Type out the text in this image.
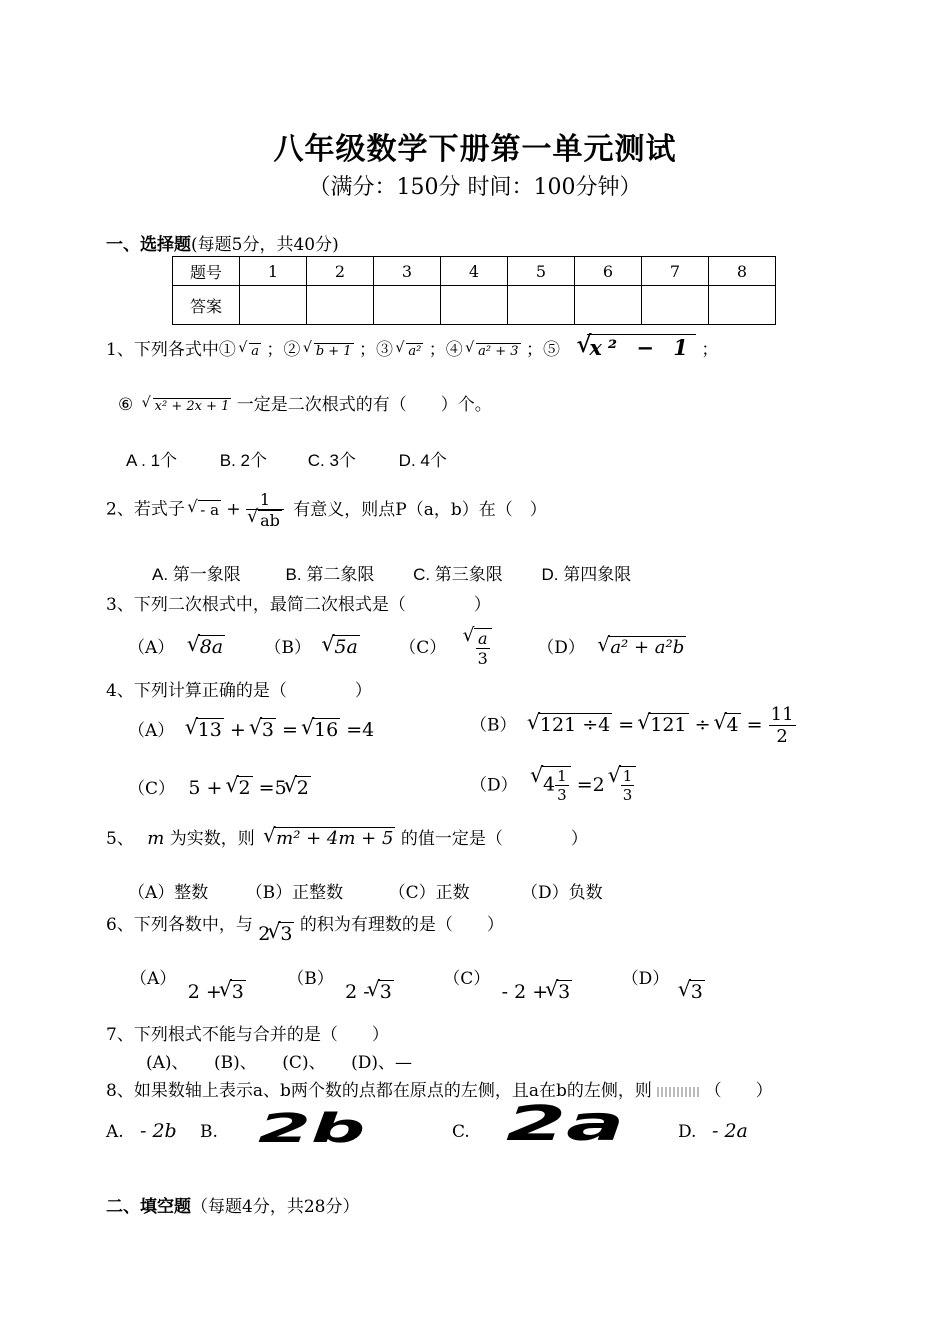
八年级数学下册第一单元测试
（满分：150分 时间：100分钟）
一、选择题(每题5分，共40分)
题号	1	2	3	4	5	6	7	8
答案								
1、下列各式中① √ a ；② √ b + 1 ；③ √ a² ；④ √ a² + 3 ；⑤ √ x² − 1 ；
⑥ √ x² + 2x + 1 一定是二次根式的有（　　）个。
A . 1个	B. 2个 C. 3个	D. 4个
2、若式子 √ - a + 1
√ ab 有意义，则点P（a，b）在（　）
A. 第一象限	B. 第二象限 C. 第三象限 D. 第四象限
3、下列二次根式中，最简二次根式是（　　　　）
（A） √ 8a （B） √ 5a （C） √ $\frac{a}{3}$	（D） √ a² + a²b
4、下列计算正确的是（　　　　）
（A） √ 13 + √ 3 = √ 16 =4	（B） √ 121 ÷4 = √ 121 ÷ √ $4 = \frac{11}{2}$
（C） 5 + √ 2 =5 √ 2	（D） √ $4 \frac{1}{3} =2$ √ $\frac{1}{3}$
5、 m 为实数，则 √ m² + 4m + 5 的值一定是（　　　　）
（A）整数 （B）正整数	（C）正数	（D）负数
6、下列各数中，与 2 √ 3 的积为有理数的是（　　）
（A） 2 + √ 3 （B） 2 - √ 3 （C） - 2 + √ 3 （D） √ 3
7、下列根式不能与合并的是（　　）
(A)、　　(B)、　　(C)、　　(D)、—
8、如果数轴上表示a、b两个数的点都在原点的左侧，且a在b的左侧，则	（　　）
A. - 2b B. 2b	C. 2a	D. - 2a
二、填空题（每题4分，共28分）
